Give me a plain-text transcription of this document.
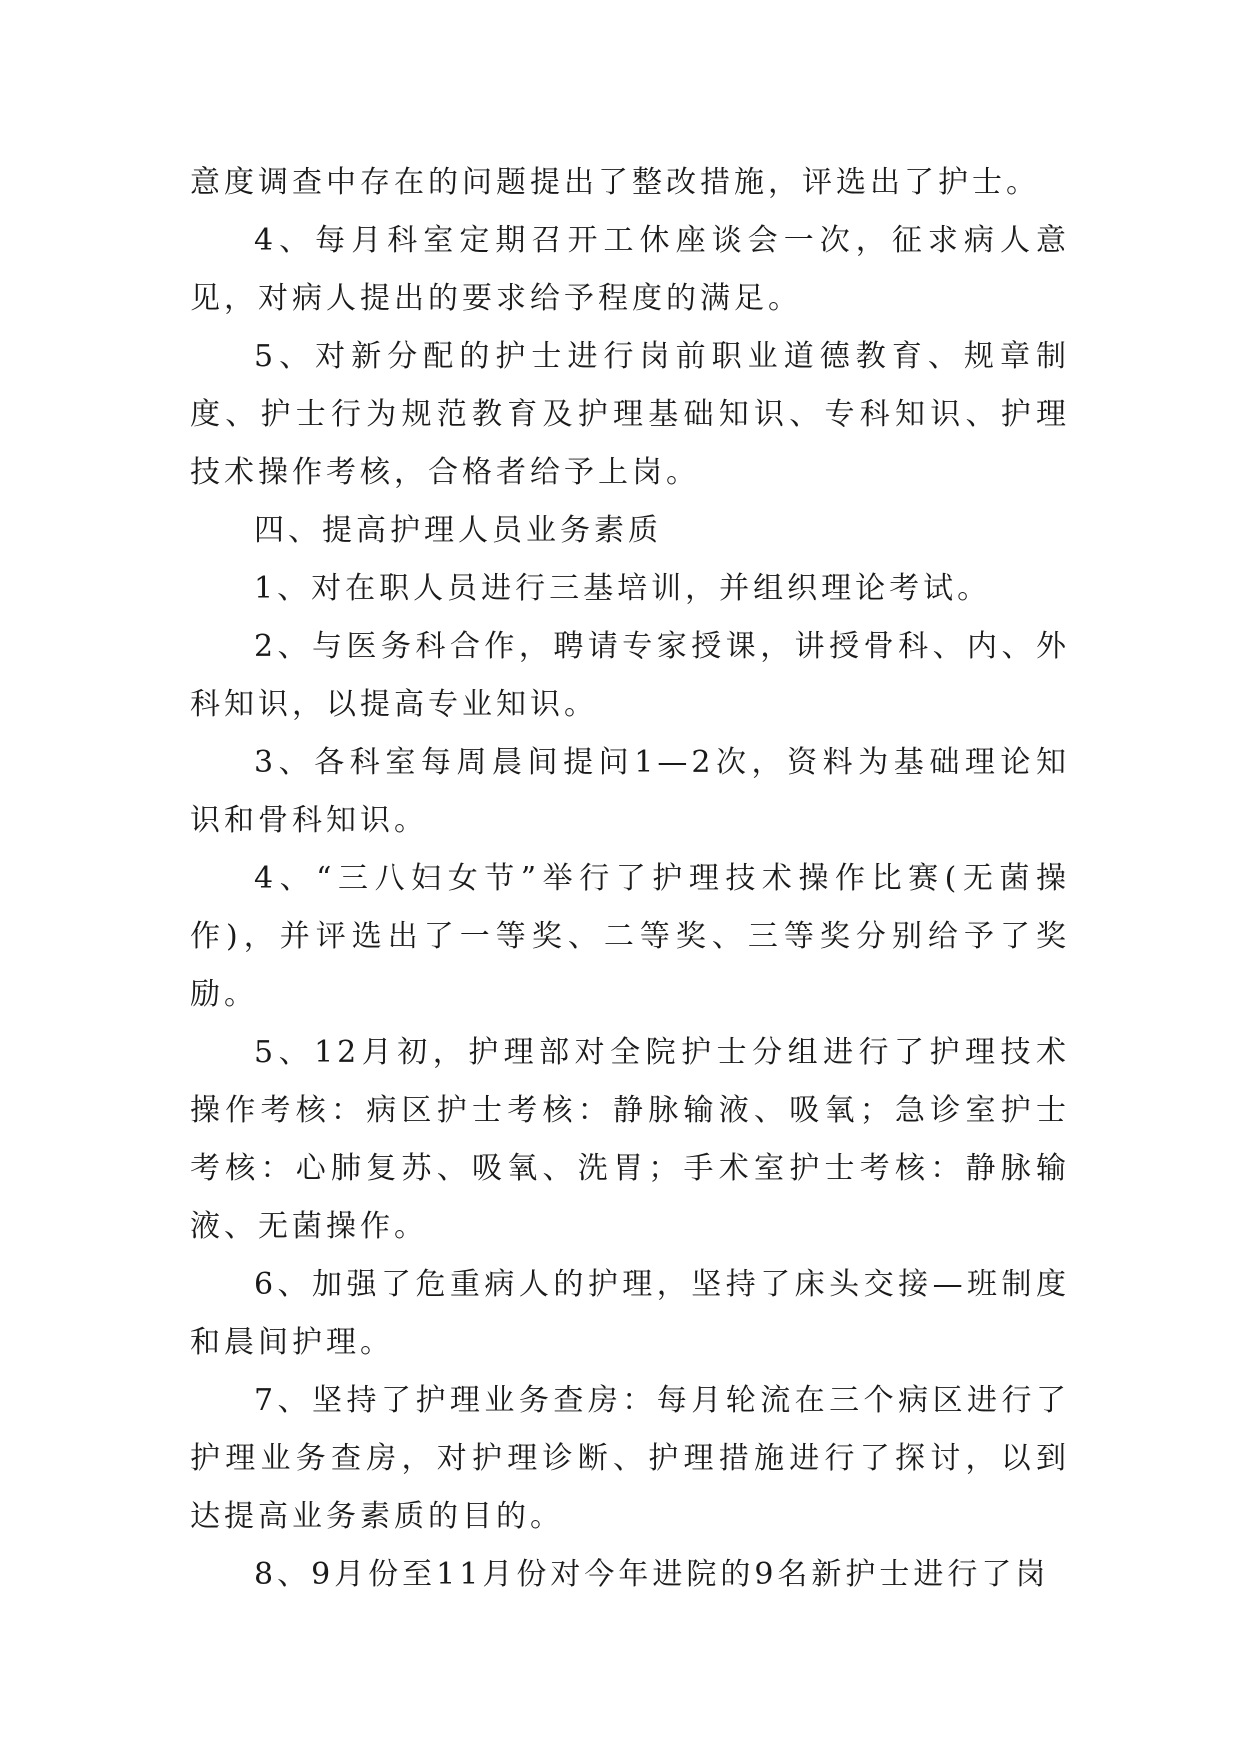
意度调查中存在的问题提出了整改措施，评选出了护士。

4、每月科室定期召开工休座谈会一次，征求病人意见，对病人提出的要求给予程度的满足。

5、对新分配的护士进行岗前职业道德教育、规章制度、护士行为规范教育及护理基础知识、专科知识、护理技术操作考核，合格者给予上岗。

四、提高护理人员业务素质

1、对在职人员进行三基培训，并组织理论考试。

2、与医务科合作，聘请专家授课，讲授骨科、内、外科知识，以提高专业知识。

3、各科室每周晨间提问1—2次，资料为基础理论知识和骨科知识。

4、“三八妇女节”举行了护理技术操作比赛(无菌操作)，并评选出了一等奖、二等奖、三等奖分别给予了奖励。

5、12月初，护理部对全院护士分组进行了护理技术操作考核：病区护士考核：静脉输液、吸氧；急诊室护士考核：心肺复苏、吸氧、洗胃；手术室护士考核：静脉输液、无菌操作。

6、加强了危重病人的护理，坚持了床头交接—班制度和晨间护理。

7、坚持了护理业务查房：每月轮流在三个病区进行了护理业务查房，对护理诊断、护理措施进行了探讨，以到达提高业务素质的目的。

8、9月份至11月份对今年进院的9名新护士进行了岗
